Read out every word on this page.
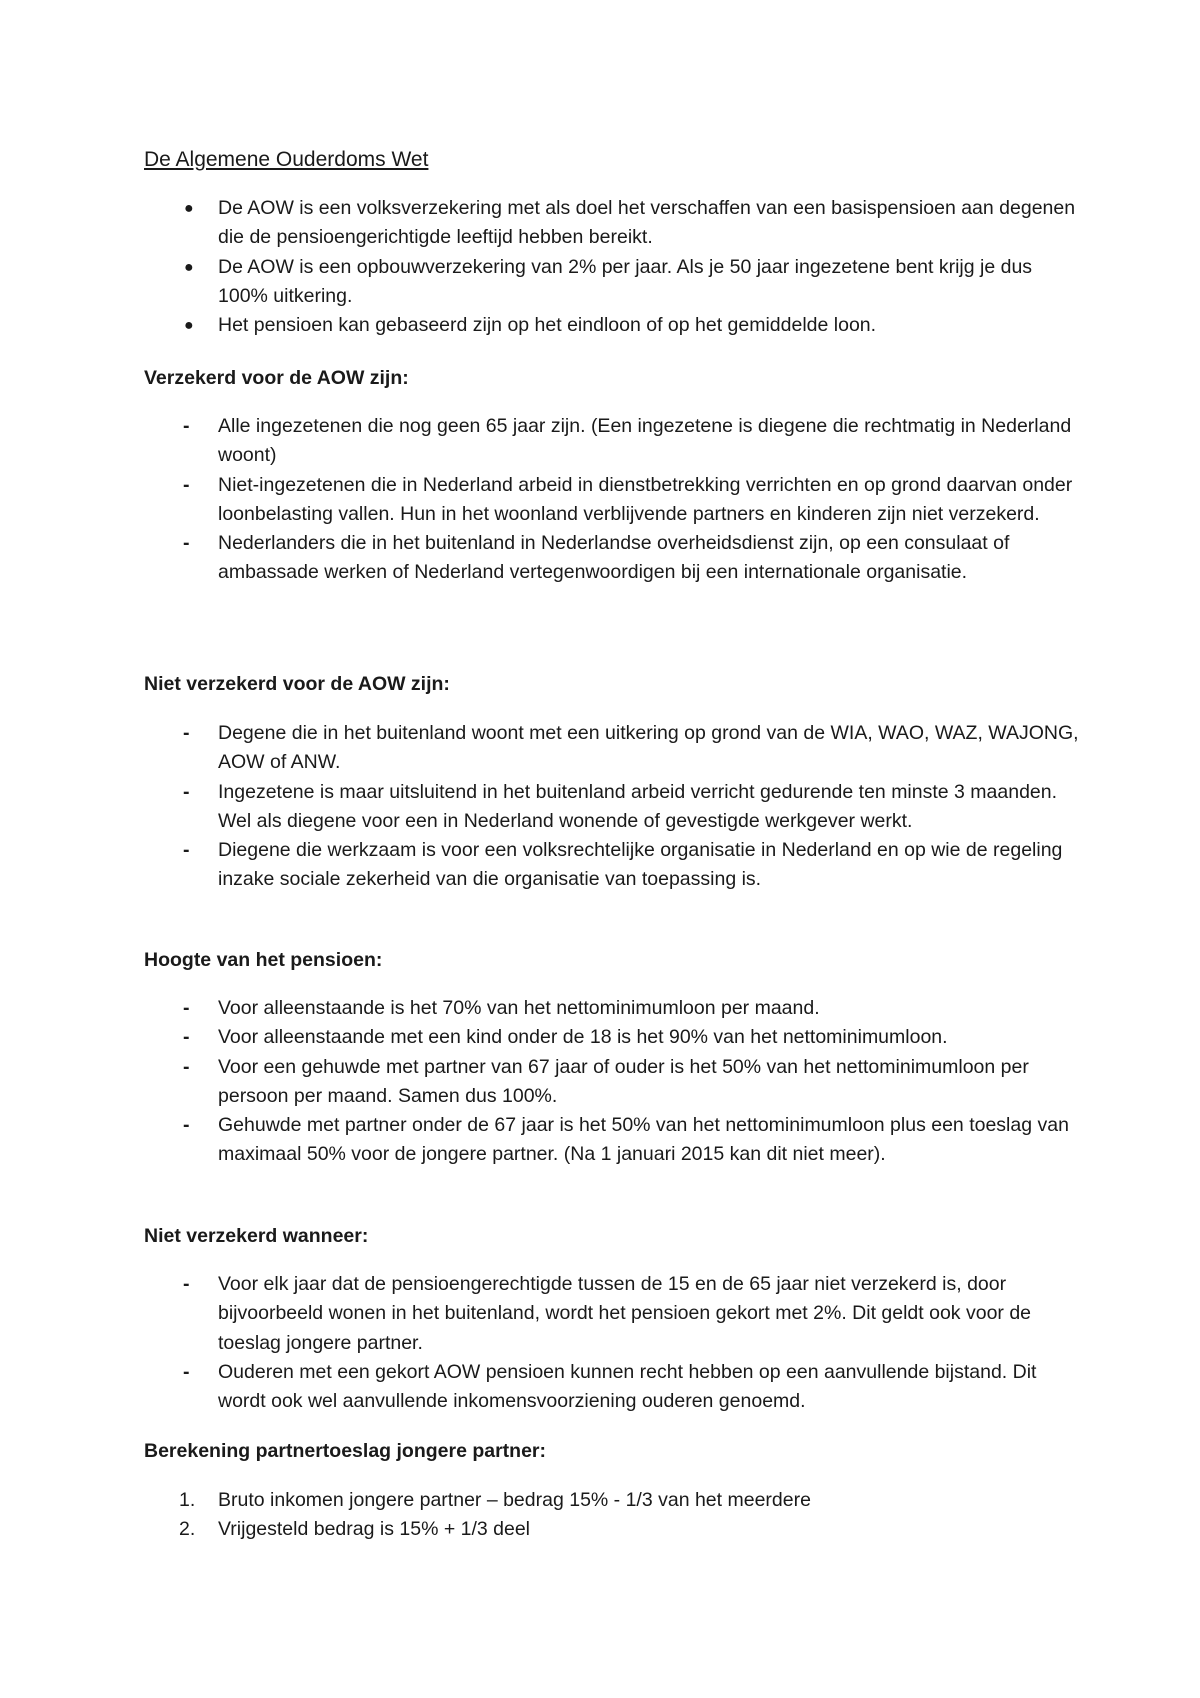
De Algemene Ouderdoms Wet
●	De AOW is een volksverzekering met als doel het verschaffen van een basispensioen aan degenen die de pensioengerichtigde leeftijd hebben bereikt.
●	De AOW is een opbouwverzekering van 2% per jaar. Als je 50 jaar ingezetene bent krijg je dus 100% uitkering.
●	Het pensioen kan gebaseerd zijn op het eindloon of op het gemiddelde loon.
Verzekerd voor de AOW zijn:
-	Alle ingezetenen die nog geen 65 jaar zijn. (Een ingezetene is diegene die rechtmatig in Nederland woont)
-	Niet-ingezetenen die in Nederland arbeid in dienstbetrekking verrichten en op grond daarvan onder loonbelasting vallen. Hun in het woonland verblijvende partners en kinderen zijn niet verzekerd.
-	Nederlanders die in het buitenland in Nederlandse overheidsdienst zijn, op een consulaat of ambassade werken of Nederland vertegenwoordigen bij een internationale organisatie.
Niet verzekerd voor de AOW zijn:
-	Degene die in het buitenland woont met een uitkering op grond van de WIA, WAO, WAZ, WAJONG, AOW of ANW.
-	Ingezetene is maar uitsluitend in het buitenland arbeid verricht gedurende ten minste 3 maanden. Wel als diegene voor een in Nederland wonende of gevestigde werkgever werkt.
-	Diegene die werkzaam is voor een volksrechtelijke organisatie in Nederland en op wie de regeling inzake sociale zekerheid van die organisatie van toepassing is.
Hoogte van het pensioen:
-	Voor alleenstaande is het 70% van het nettominimumloon per maand.
-	Voor alleenstaande met een kind onder de 18 is het 90% van het nettominimumloon.
-	Voor een gehuwde met partner van 67 jaar of ouder is het 50% van het nettominimumloon per persoon per maand. Samen dus 100%.
-	Gehuwde met partner onder de 67 jaar is het 50% van het nettominimumloon plus een toeslag van maximaal 50% voor de jongere partner. (Na 1 januari 2015 kan dit niet meer).
Niet verzekerd wanneer:
-	Voor elk jaar dat de pensioengerechtigde tussen de 15 en de 65 jaar niet verzekerd is, door bijvoorbeeld wonen in het buitenland, wordt het pensioen gekort met 2%. Dit geldt ook voor de toeslag jongere partner.
-	Ouderen met een gekort AOW pensioen kunnen recht hebben op een aanvullende bijstand. Dit wordt ook wel aanvullende inkomensvoorziening ouderen genoemd.
Berekening partnertoeslag jongere partner:
1.	Bruto inkomen jongere partner – bedrag 15% - 1/3 van het meerdere
2.	Vrijgesteld bedrag is 15% + 1/3 deel
